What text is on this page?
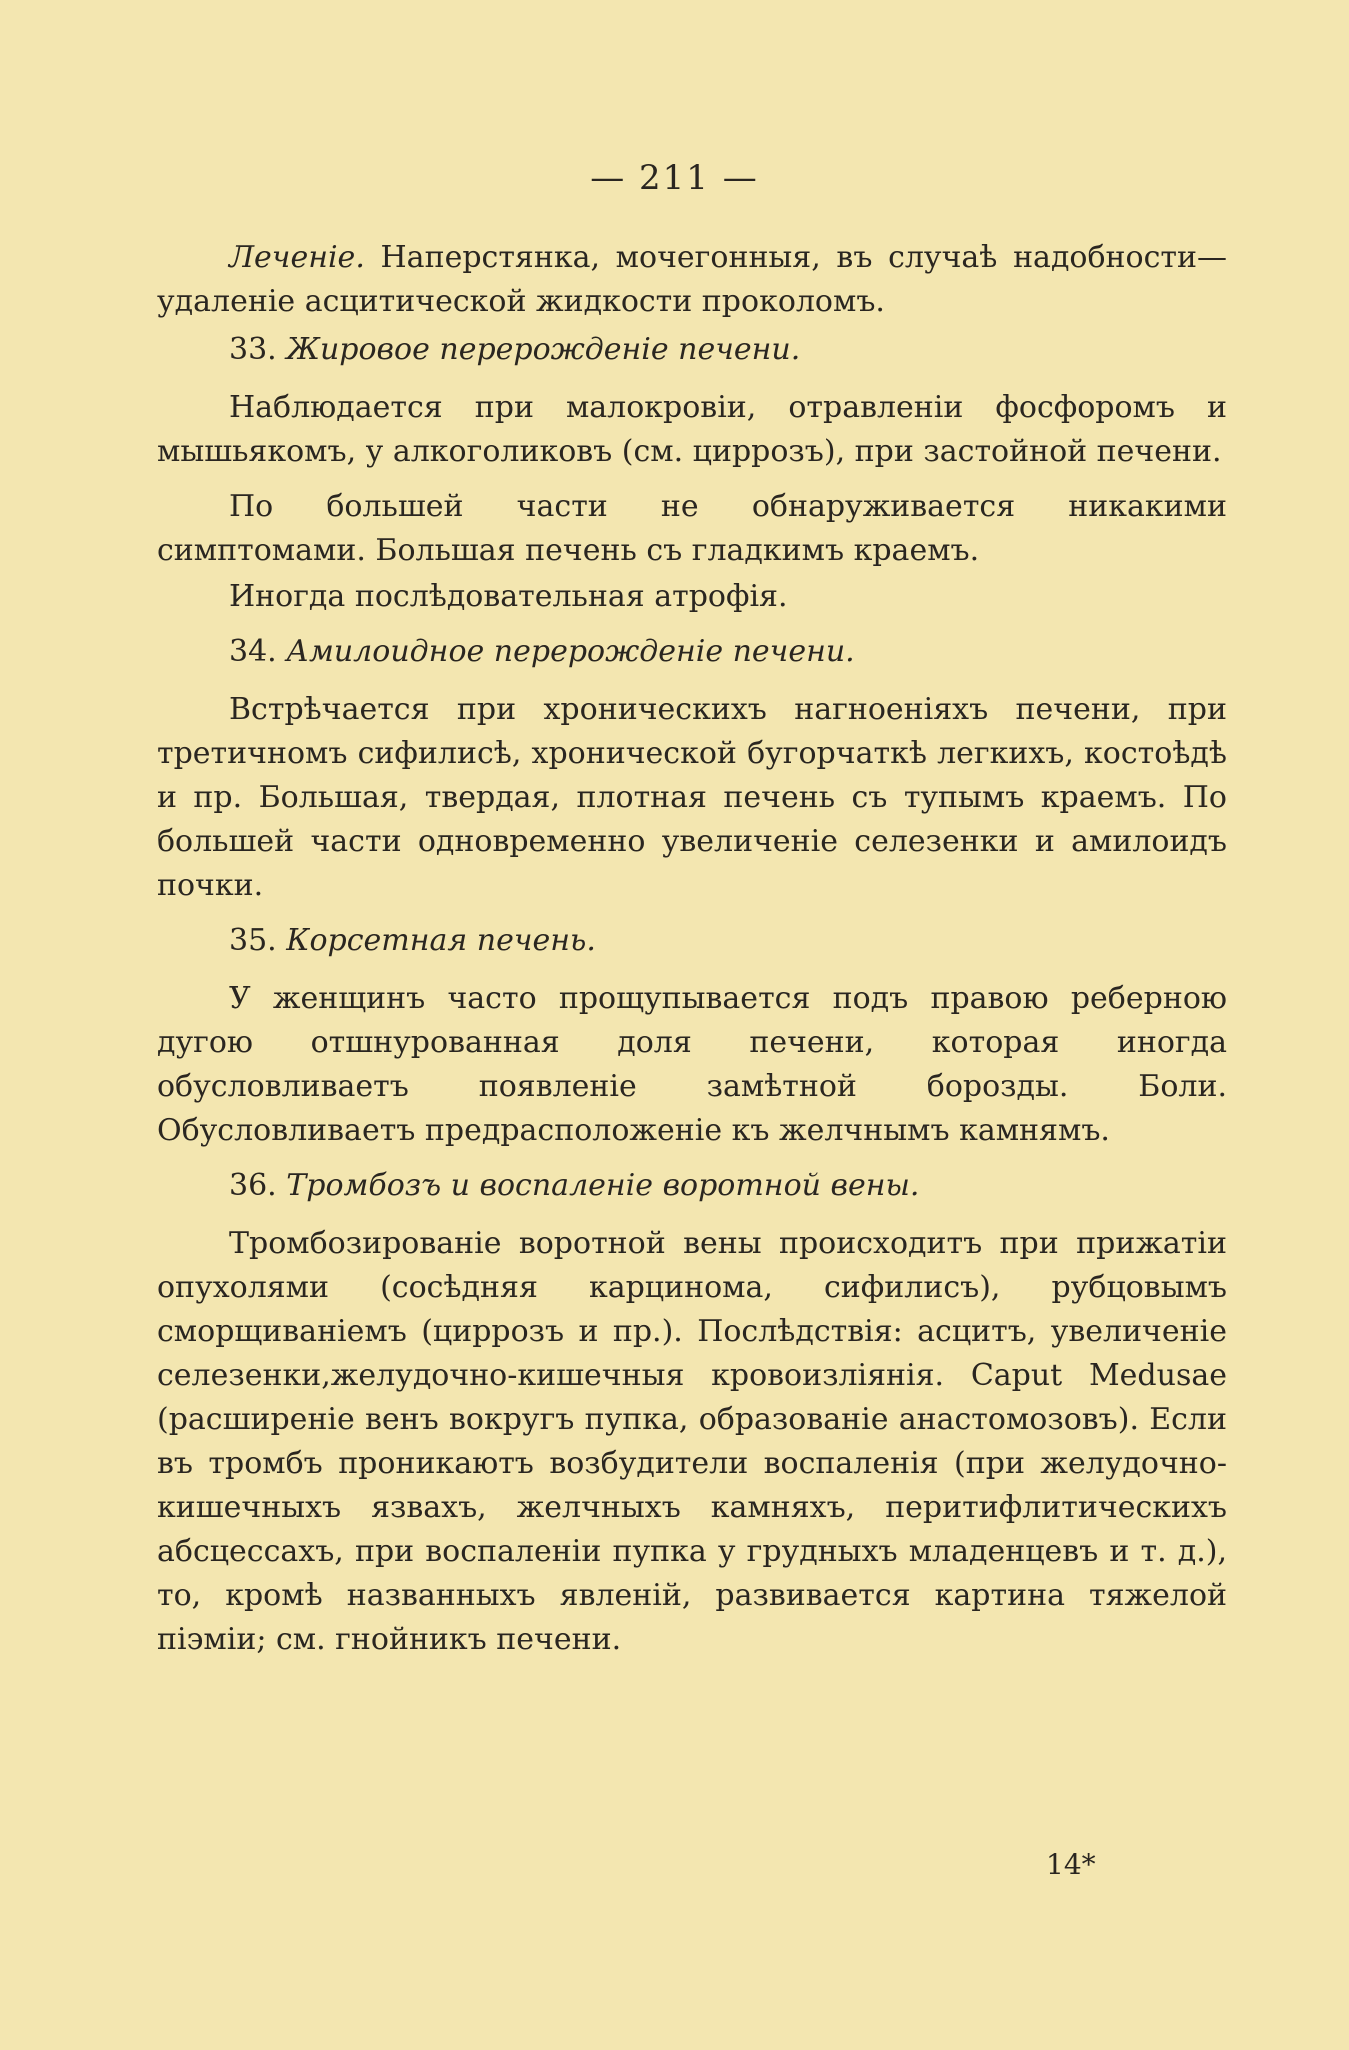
— 211 —

Леченіе. Наперстянка, мочегонныя, въ случаѣ надобности—удаленіе асцитической жидкости проколомъ.

33. Жировое перерожденіе печени.

Наблюдается при малокровіи, отравленіи фосфоромъ и мышьякомъ, у алкоголиковъ (см. циррозъ), при застойной печени.

По большей части не обнаруживается никакими симптомами. Большая печень съ гладкимъ краемъ.

Иногда послѣдовательная атрофія.

34. Амилоидное перерожденіе печени.

Встрѣчается при хроническихъ нагноеніяхъ печени, при третичномъ сифилисѣ, хронической бугорчаткѣ легкихъ, костоѣдѣ и пр. Большая, твердая, плотная печень съ тупымъ краемъ. По большей части одновременно увеличеніе селезенки и амилоидъ почки.

35. Корсетная печень.

У женщинъ часто прощупывается подъ правою реберною дугою отшнурованная доля печени, которая иногда обусловливаетъ появленіе замѣтной борозды. Боли. Обусловливаетъ предрасположеніе къ желчнымъ камнямъ.

36. Тромбозъ и воспаленіе воротной вены.

Тромбозированіе воротной вены происходитъ при прижатіи опухолями (сосѣдняя карцинома, сифилисъ), рубцовымъ сморщиваніемъ (циррозъ и пр.). Послѣдствія: асцитъ, увеличеніе селезенки,желудочно-кишечныя кровоизліянія. Caput Medusae (расширеніе венъ вокругъ пупка, образованіе анастомозовъ). Если въ тромбъ проникаютъ возбудители воспаленія (при желудочно-кишечныхъ язвахъ, желчныхъ камняхъ, перитифлитическихъ абсцессахъ, при воспаленіи пупка у грудныхъ младенцевъ и т. д.), то, кромѣ названныхъ явленій, развивается картина тяжелой піэміи; см. гнойникъ печени.

14*
